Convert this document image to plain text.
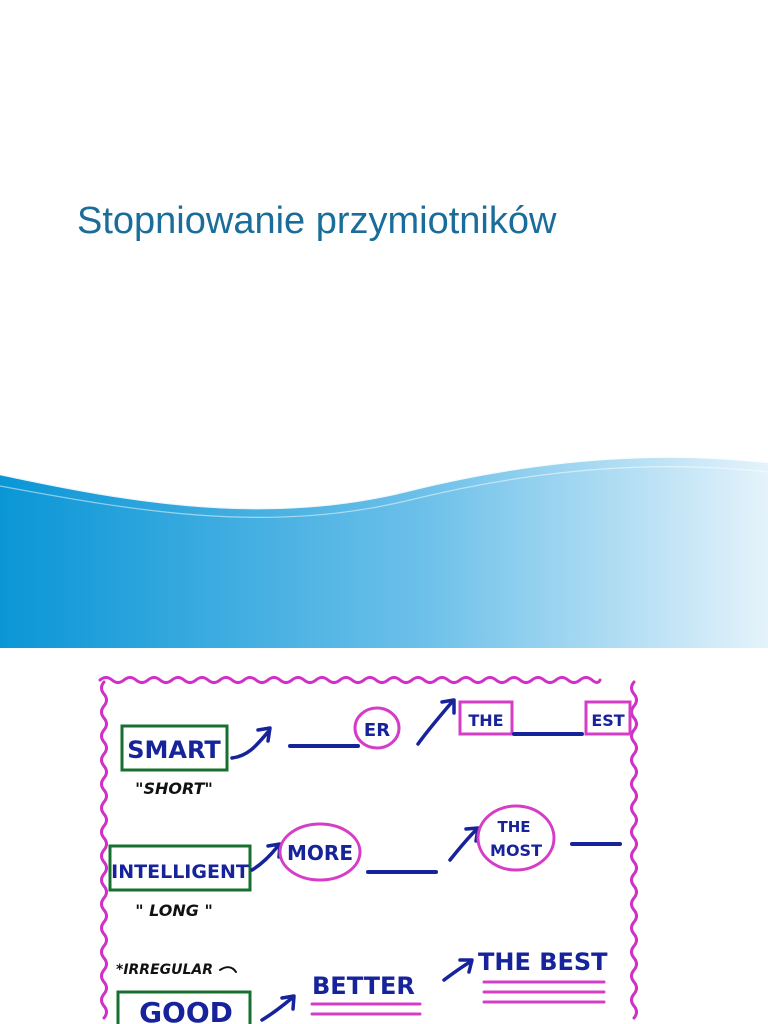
Stopniowanie przymiotników
SMART
"SHORT"
ER	THE	EST
INTELLIGENT
" LONG "
MORE
THE
MOST
*IRREGULAR
GOOD
BETTER
THE BEST
